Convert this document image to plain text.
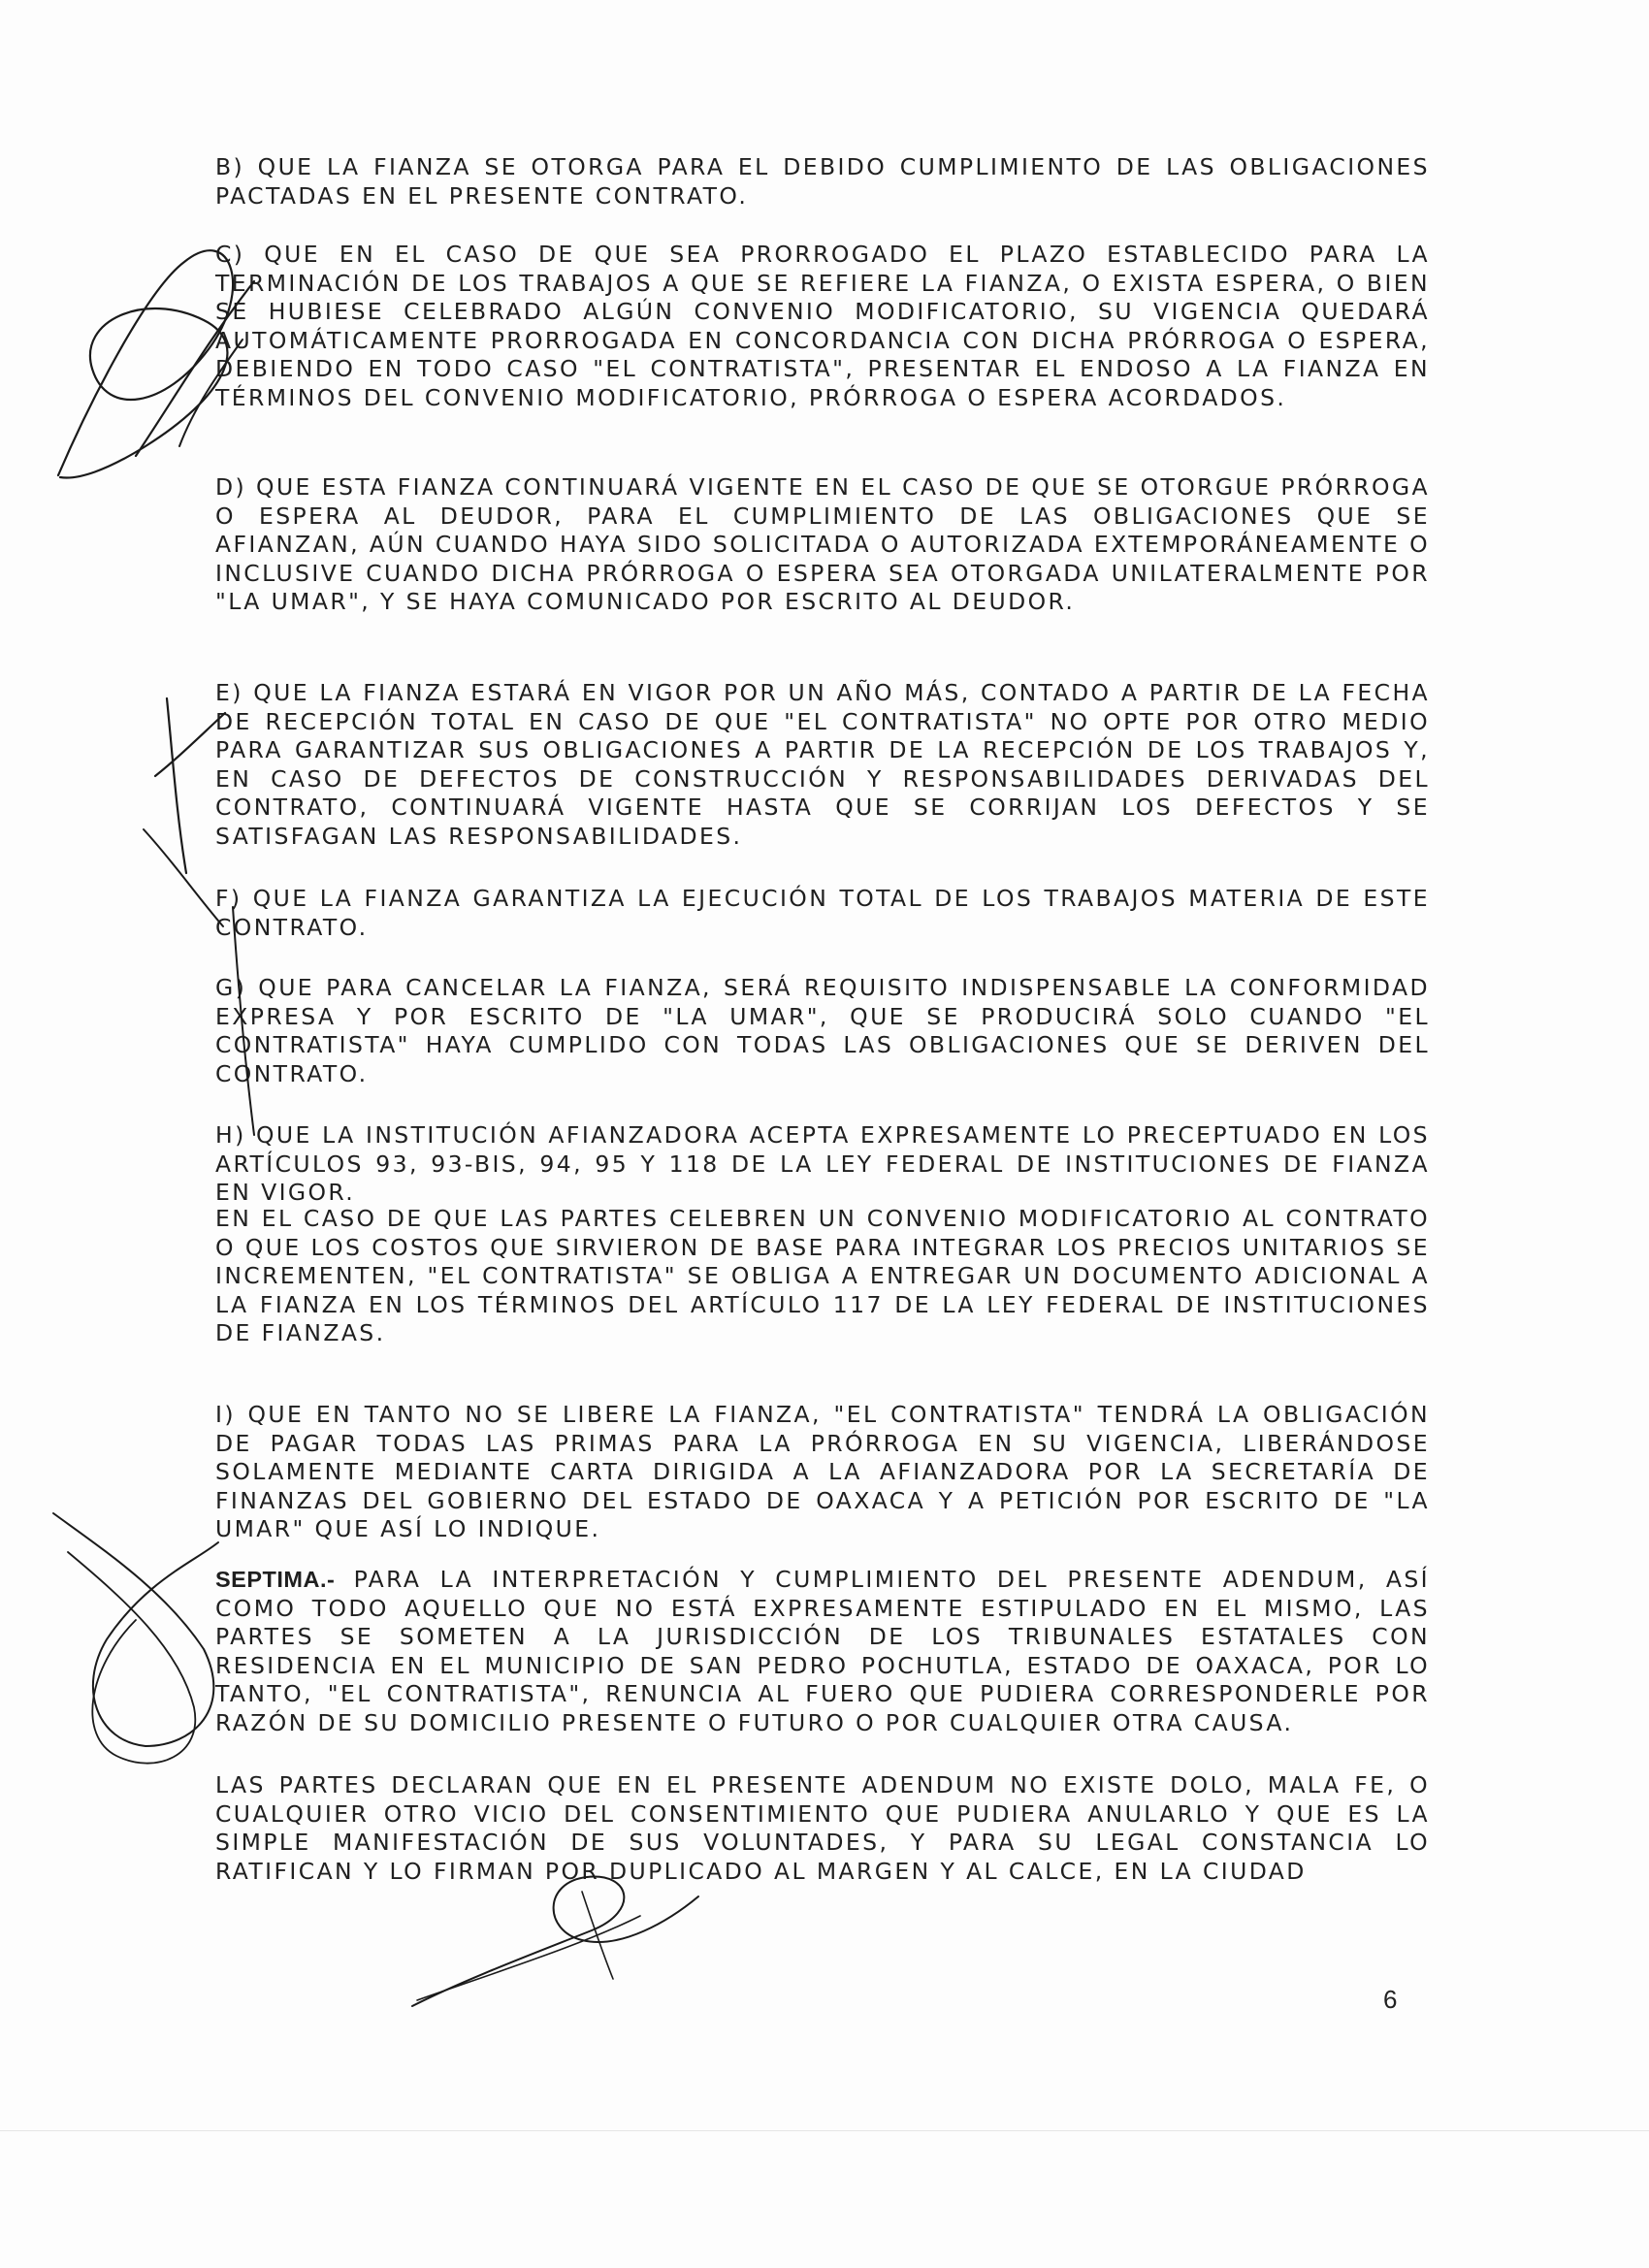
B) QUE LA FIANZA SE OTORGA PARA EL DEBIDO CUMPLIMIENTO DE LAS OBLIGACIONES PACTADAS EN EL PRESENTE CONTRATO.
C) QUE EN EL CASO DE QUE SEA PRORROGADO EL PLAZO ESTABLECIDO PARA LA TERMINACIÓN DE LOS TRABAJOS A QUE SE REFIERE LA FIANZA, O EXISTA ESPERA, O BIEN SE HUBIESE CELEBRADO ALGÚN CONVENIO MODIFICATORIO, SU VIGENCIA QUEDARÁ AUTOMÁTICAMENTE PRORROGADA EN CONCORDANCIA CON DICHA PRÓRROGA O ESPERA, DEBIENDO EN TODO CASO "EL CONTRATISTA", PRESENTAR EL ENDOSO A LA FIANZA EN TÉRMINOS DEL CONVENIO MODIFICATORIO, PRÓRROGA O ESPERA ACORDADOS.
D) QUE ESTA FIANZA CONTINUARÁ VIGENTE EN EL CASO DE QUE SE OTORGUE PRÓRROGA O ESPERA AL DEUDOR, PARA EL CUMPLIMIENTO DE LAS OBLIGACIONES QUE SE AFIANZAN, AÚN CUANDO HAYA SIDO SOLICITADA O AUTORIZADA EXTEMPORÁNEAMENTE O INCLUSIVE CUANDO DICHA PRÓRROGA O ESPERA SEA OTORGADA UNILATERALMENTE POR "LA UMAR", Y SE HAYA COMUNICADO POR ESCRITO AL DEUDOR.
E) QUE LA FIANZA ESTARÁ EN VIGOR POR UN AÑO MÁS, CONTADO A PARTIR DE LA FECHA DE RECEPCIÓN TOTAL EN CASO DE QUE "EL CONTRATISTA" NO OPTE POR OTRO MEDIO PARA GARANTIZAR SUS OBLIGACIONES A PARTIR DE LA RECEPCIÓN DE LOS TRABAJOS Y, EN CASO DE DEFECTOS DE CONSTRUCCIÓN Y RESPONSABILIDADES DERIVADAS DEL CONTRATO, CONTINUARÁ VIGENTE HASTA QUE SE CORRIJAN LOS DEFECTOS Y SE SATISFAGAN LAS RESPONSABILIDADES.
F) QUE LA FIANZA GARANTIZA LA EJECUCIÓN TOTAL DE LOS TRABAJOS MATERIA DE ESTE CONTRATO.
G) QUE PARA CANCELAR LA FIANZA, SERÁ REQUISITO INDISPENSABLE LA CONFORMIDAD EXPRESA Y POR ESCRITO DE "LA UMAR", QUE SE PRODUCIRÁ SOLO CUANDO "EL CONTRATISTA" HAYA CUMPLIDO CON TODAS LAS OBLIGACIONES QUE SE DERIVEN DEL CONTRATO.
H) QUE LA INSTITUCIÓN AFIANZADORA ACEPTA EXPRESAMENTE LO PRECEPTUADO EN LOS ARTÍCULOS 93, 93-BIS, 94, 95 Y 118 DE LA LEY FEDERAL DE INSTITUCIONES DE FIANZA EN VIGOR.
EN EL CASO DE QUE LAS PARTES CELEBREN UN CONVENIO MODIFICATORIO AL CONTRATO O QUE LOS COSTOS QUE SIRVIERON DE BASE PARA INTEGRAR LOS PRECIOS UNITARIOS SE INCREMENTEN, "EL CONTRATISTA" SE OBLIGA A ENTREGAR UN DOCUMENTO ADICIONAL A LA FIANZA EN LOS TÉRMINOS DEL ARTÍCULO 117 DE LA LEY FEDERAL DE INSTITUCIONES DE FIANZAS.
I) QUE EN TANTO NO SE LIBERE LA FIANZA, "EL CONTRATISTA" TENDRÁ LA OBLIGACIÓN DE PAGAR TODAS LAS PRIMAS PARA LA PRÓRROGA EN SU VIGENCIA, LIBERÁNDOSE SOLAMENTE MEDIANTE CARTA DIRIGIDA A LA AFIANZADORA POR LA SECRETARÍA DE FINANZAS DEL GOBIERNO DEL ESTADO DE OAXACA Y A PETICIÓN POR ESCRITO DE "LA UMAR" QUE ASÍ LO INDIQUE.
SEPTIMA.- PARA LA INTERPRETACIÓN Y CUMPLIMIENTO DEL PRESENTE ADENDUM, ASÍ COMO TODO AQUELLO QUE NO ESTÁ EXPRESAMENTE ESTIPULADO EN EL MISMO, LAS PARTES SE SOMETEN A LA JURISDICCIÓN DE LOS TRIBUNALES ESTATALES CON RESIDENCIA EN EL MUNICIPIO DE SAN PEDRO POCHUTLA, ESTADO DE OAXACA, POR LO TANTO, "EL CONTRATISTA", RENUNCIA AL FUERO QUE PUDIERA CORRESPONDERLE POR RAZÓN DE SU DOMICILIO PRESENTE O FUTURO O POR CUALQUIER OTRA CAUSA.
LAS PARTES DECLARAN QUE EN EL PRESENTE ADENDUM NO EXISTE DOLO, MALA FE, O CUALQUIER OTRO VICIO DEL CONSENTIMIENTO QUE PUDIERA ANULARLO Y QUE ES LA SIMPLE MANIFESTACIÓN DE SUS VOLUNTADES, Y PARA SU LEGAL CONSTANCIA LO RATIFICAN Y LO FIRMAN POR DUPLICADO AL MARGEN Y AL CALCE, EN LA CIUDAD
6
